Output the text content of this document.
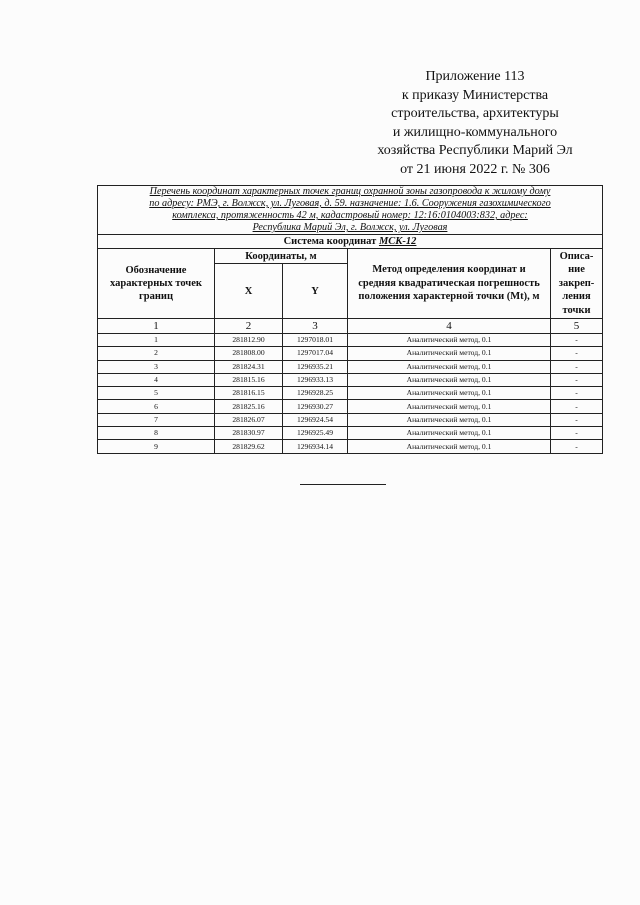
Приложение 113
к приказу Министерства
строительства, архитектуры
и жилищно-коммунального
хозяйства Республики Марий Эл
от 21 июня 2022 г. № 306
Перечень координат характерных точек границ охранной зоны газопровода к жилому дому
по адресу: РМЭ, г. Волжск, ул. Луговая, д. 59. назначение: 1.6. Сооружения газохимического
комплекса, протяженность 42 м, кадастровый номер: 12:16:0104003:832, адрес:
Республика Марий Эл, г. Волжск, ул. Луговая				

Система координат МСК-12				
Обозначение характерных точек границ	Координаты, м		Метод определения координат и средняя квадратическая погрешность положения характерной точки (Mt), м	Описа-ние закреп-ления точки
	X	Y		
1	2	3	4	5
1	281812.90	1297018.01	Аналитический метод, 0.1	-
2	281808.00	1297017.04	Аналитический метод, 0.1	-
3	281824.31	1296935.21	Аналитический метод, 0.1	-
4	281815.16	1296933.13	Аналитический метод, 0.1	-
5	281816.15	1296928.25	Аналитический метод, 0.1	-
6	281825.16	1296930.27	Аналитический метод, 0.1	-
7	281826.07	1296924.54	Аналитический метод, 0.1	-
8	281830.97	1296925.49	Аналитический метод, 0.1	-
9	281829.62	1296934.14	Аналитический метод, 0.1	-
